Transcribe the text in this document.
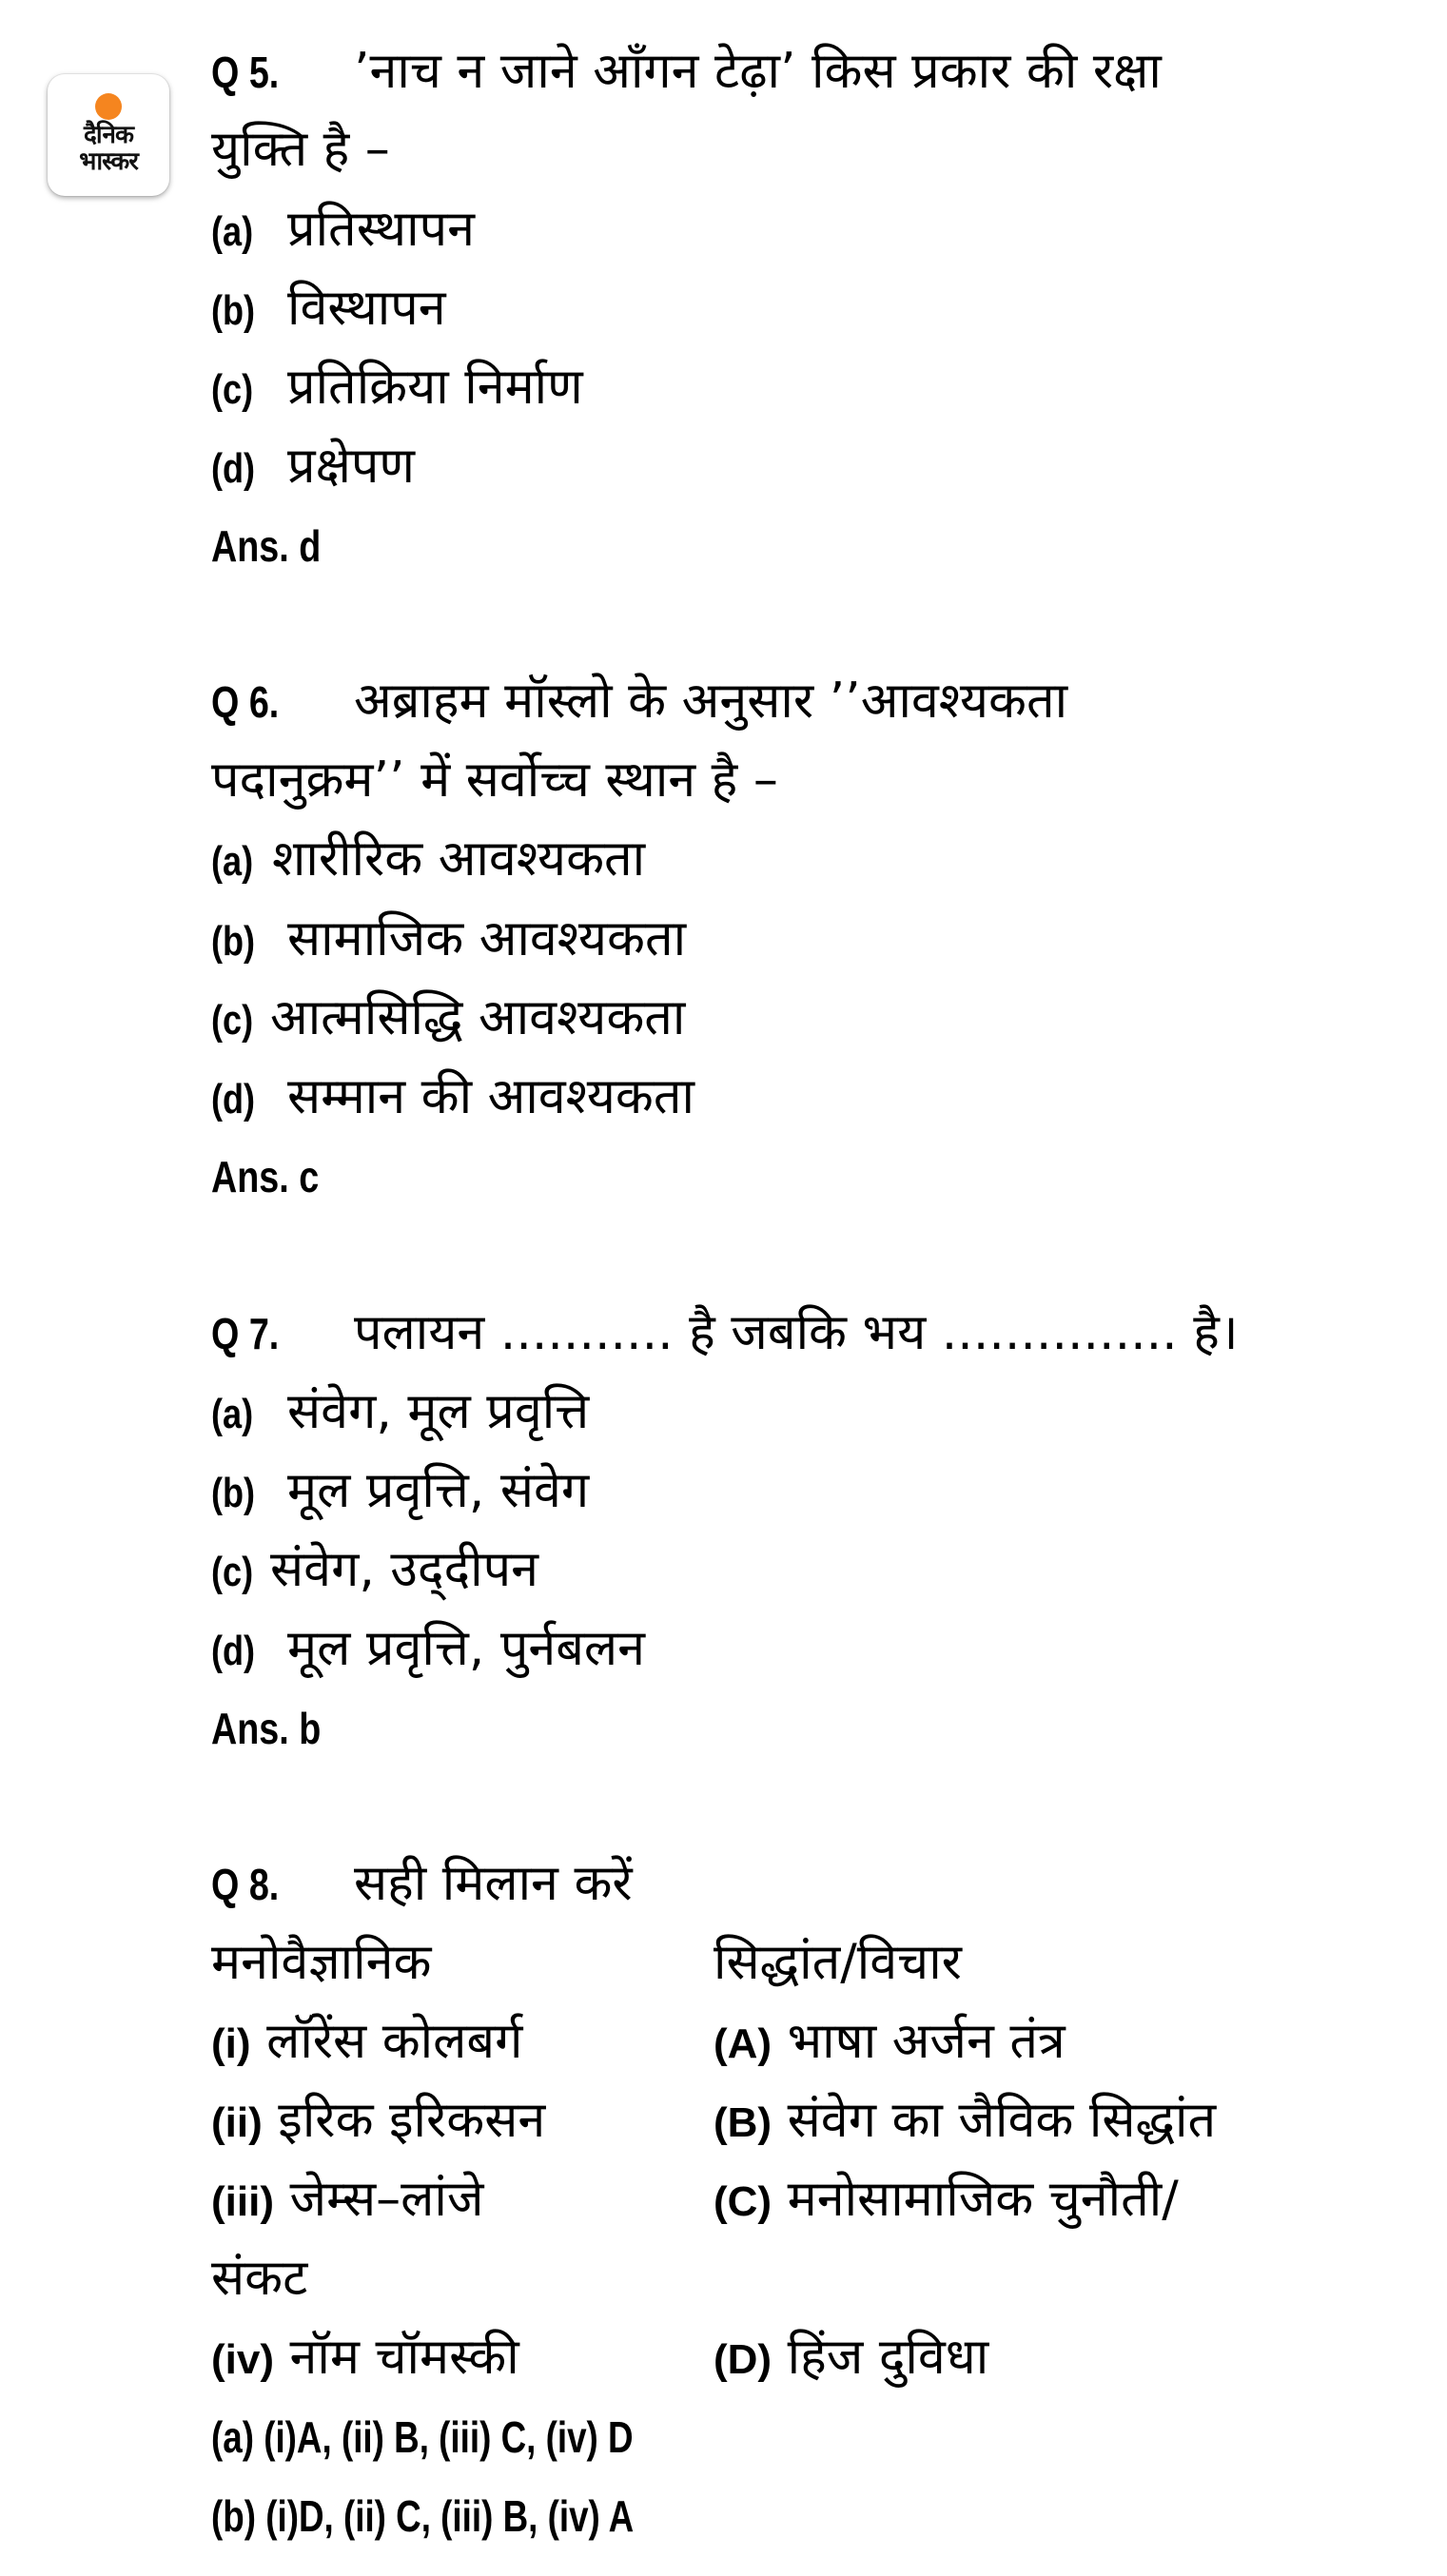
दैनिक
भास्कर
Q 5. ’नाच न जाने आँगन टेढ़ा’ किस प्रकार की रक्षा
युक्ति है –
(a) प्रतिस्थापन
(b) विस्थापन
(c) प्रतिक्रिया निर्माण
(d) प्रक्षेपण
Ans. d
Q 6. अब्राहम मॉस्लो के अनुसार ’’आवश्यकता
पदानुक्रम’’ में सर्वोच्च स्थान है –
(a) शारीरिक आवश्यकता
(b) सामाजिक आवश्यकता
(c) आत्मसिद्धि आवश्यकता
(d) सम्मान की आवश्यकता
Ans. c
Q 7. पलायन ........... है जबकि भय ............... है।
(a) संवेग, मूल प्रवृत्ति
(b) मूल प्रवृत्ति, संवेग
(c) संवेग, उद्‌दीपन
(d) मूल प्रवृत्ति, पुर्नबलन
Ans. b
Q 8. सही मिलान करें
मनोवैज्ञानिक	सिद्धांत/विचार
(i) लॉरेंस कोलबर्ग	(A) भाषा अर्जन तंत्र
(ii) इरिक इरिकसन	(B) संवेग का जैविक सिद्धांत
(iii) जेम्स–लांजे	(C) मनोसामाजिक चुनौती/
संकट
(iv) नॉम चॉमस्की	(D) हिंज दुविधा
(a) (i)A, (ii) B, (iii) C, (iv) D
(b) (i)D, (ii) C, (iii) B, (iv) A
